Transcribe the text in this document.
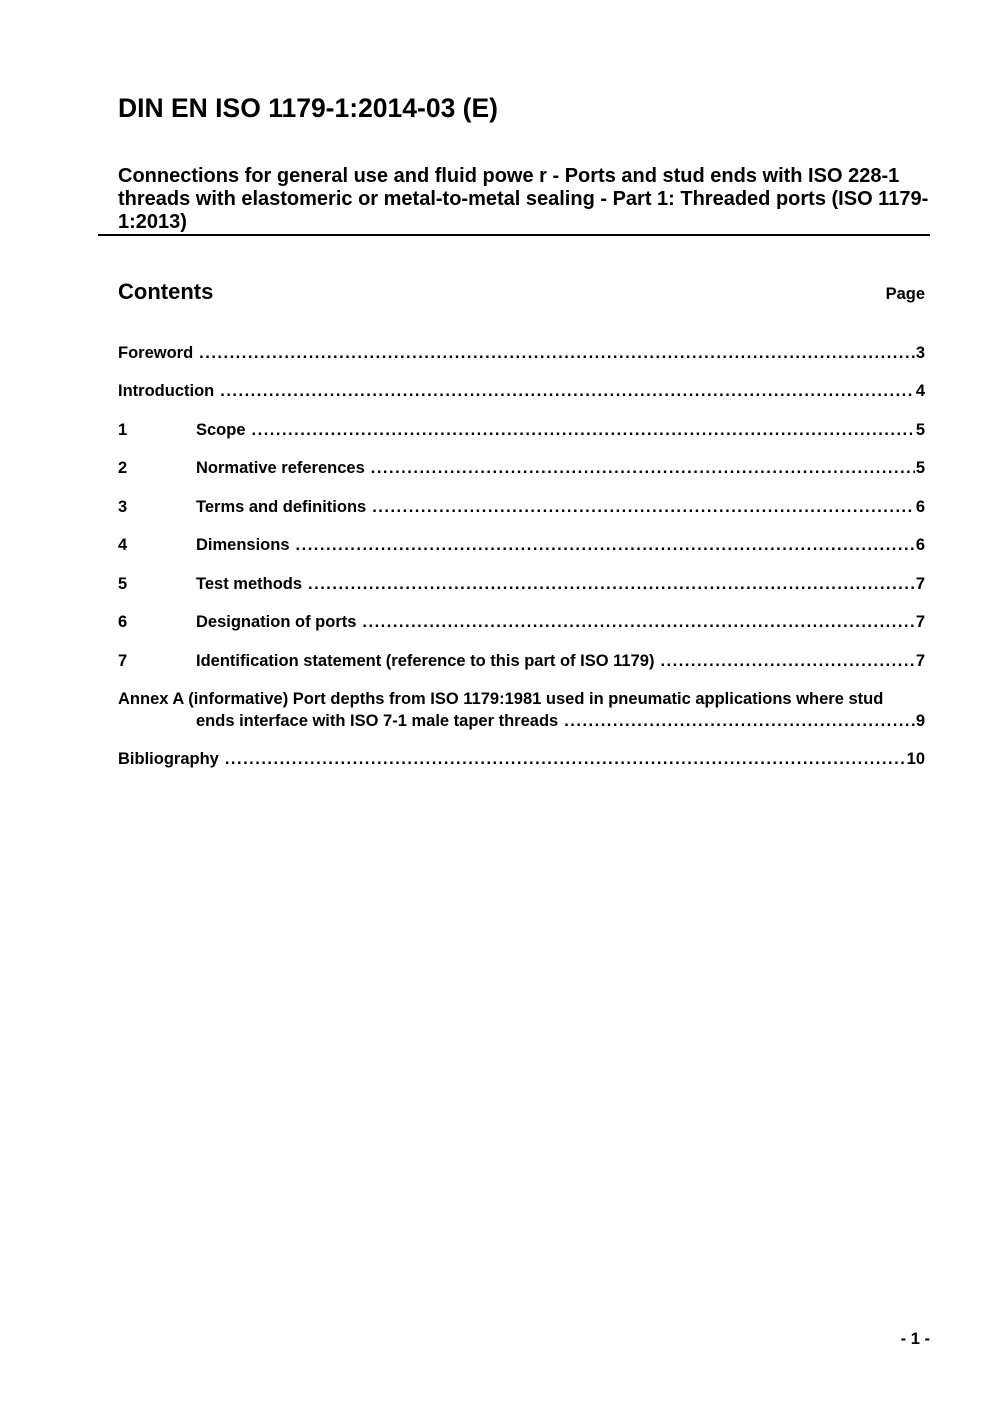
DIN EN ISO 1179-1:2014-03 (E)
Connections for general use and fluid powe r - Ports and stud ends with ISO 228-1
threads with elastomeric or metal-to-metal sealing - Part 1: Threaded ports (ISO 1179-
1:2013)
Contents	Page
Foreword .....	3
Introduction .....	4
1	Scope .....	5
2	Normative references .....	5
3	Terms and definitions .....	6
4	Dimensions .....	6
5	Test methods .....	7
6	Designation of ports .....	7
7	Identification statement (reference to this part of ISO 1179) .....	7
Annex A (informative) Port depths from ISO 1179:1981 used in pneumatic applications where stud
ends interface with ISO 7-1 male taper threads .....	9
Bibliography .....	10
- 1 -
